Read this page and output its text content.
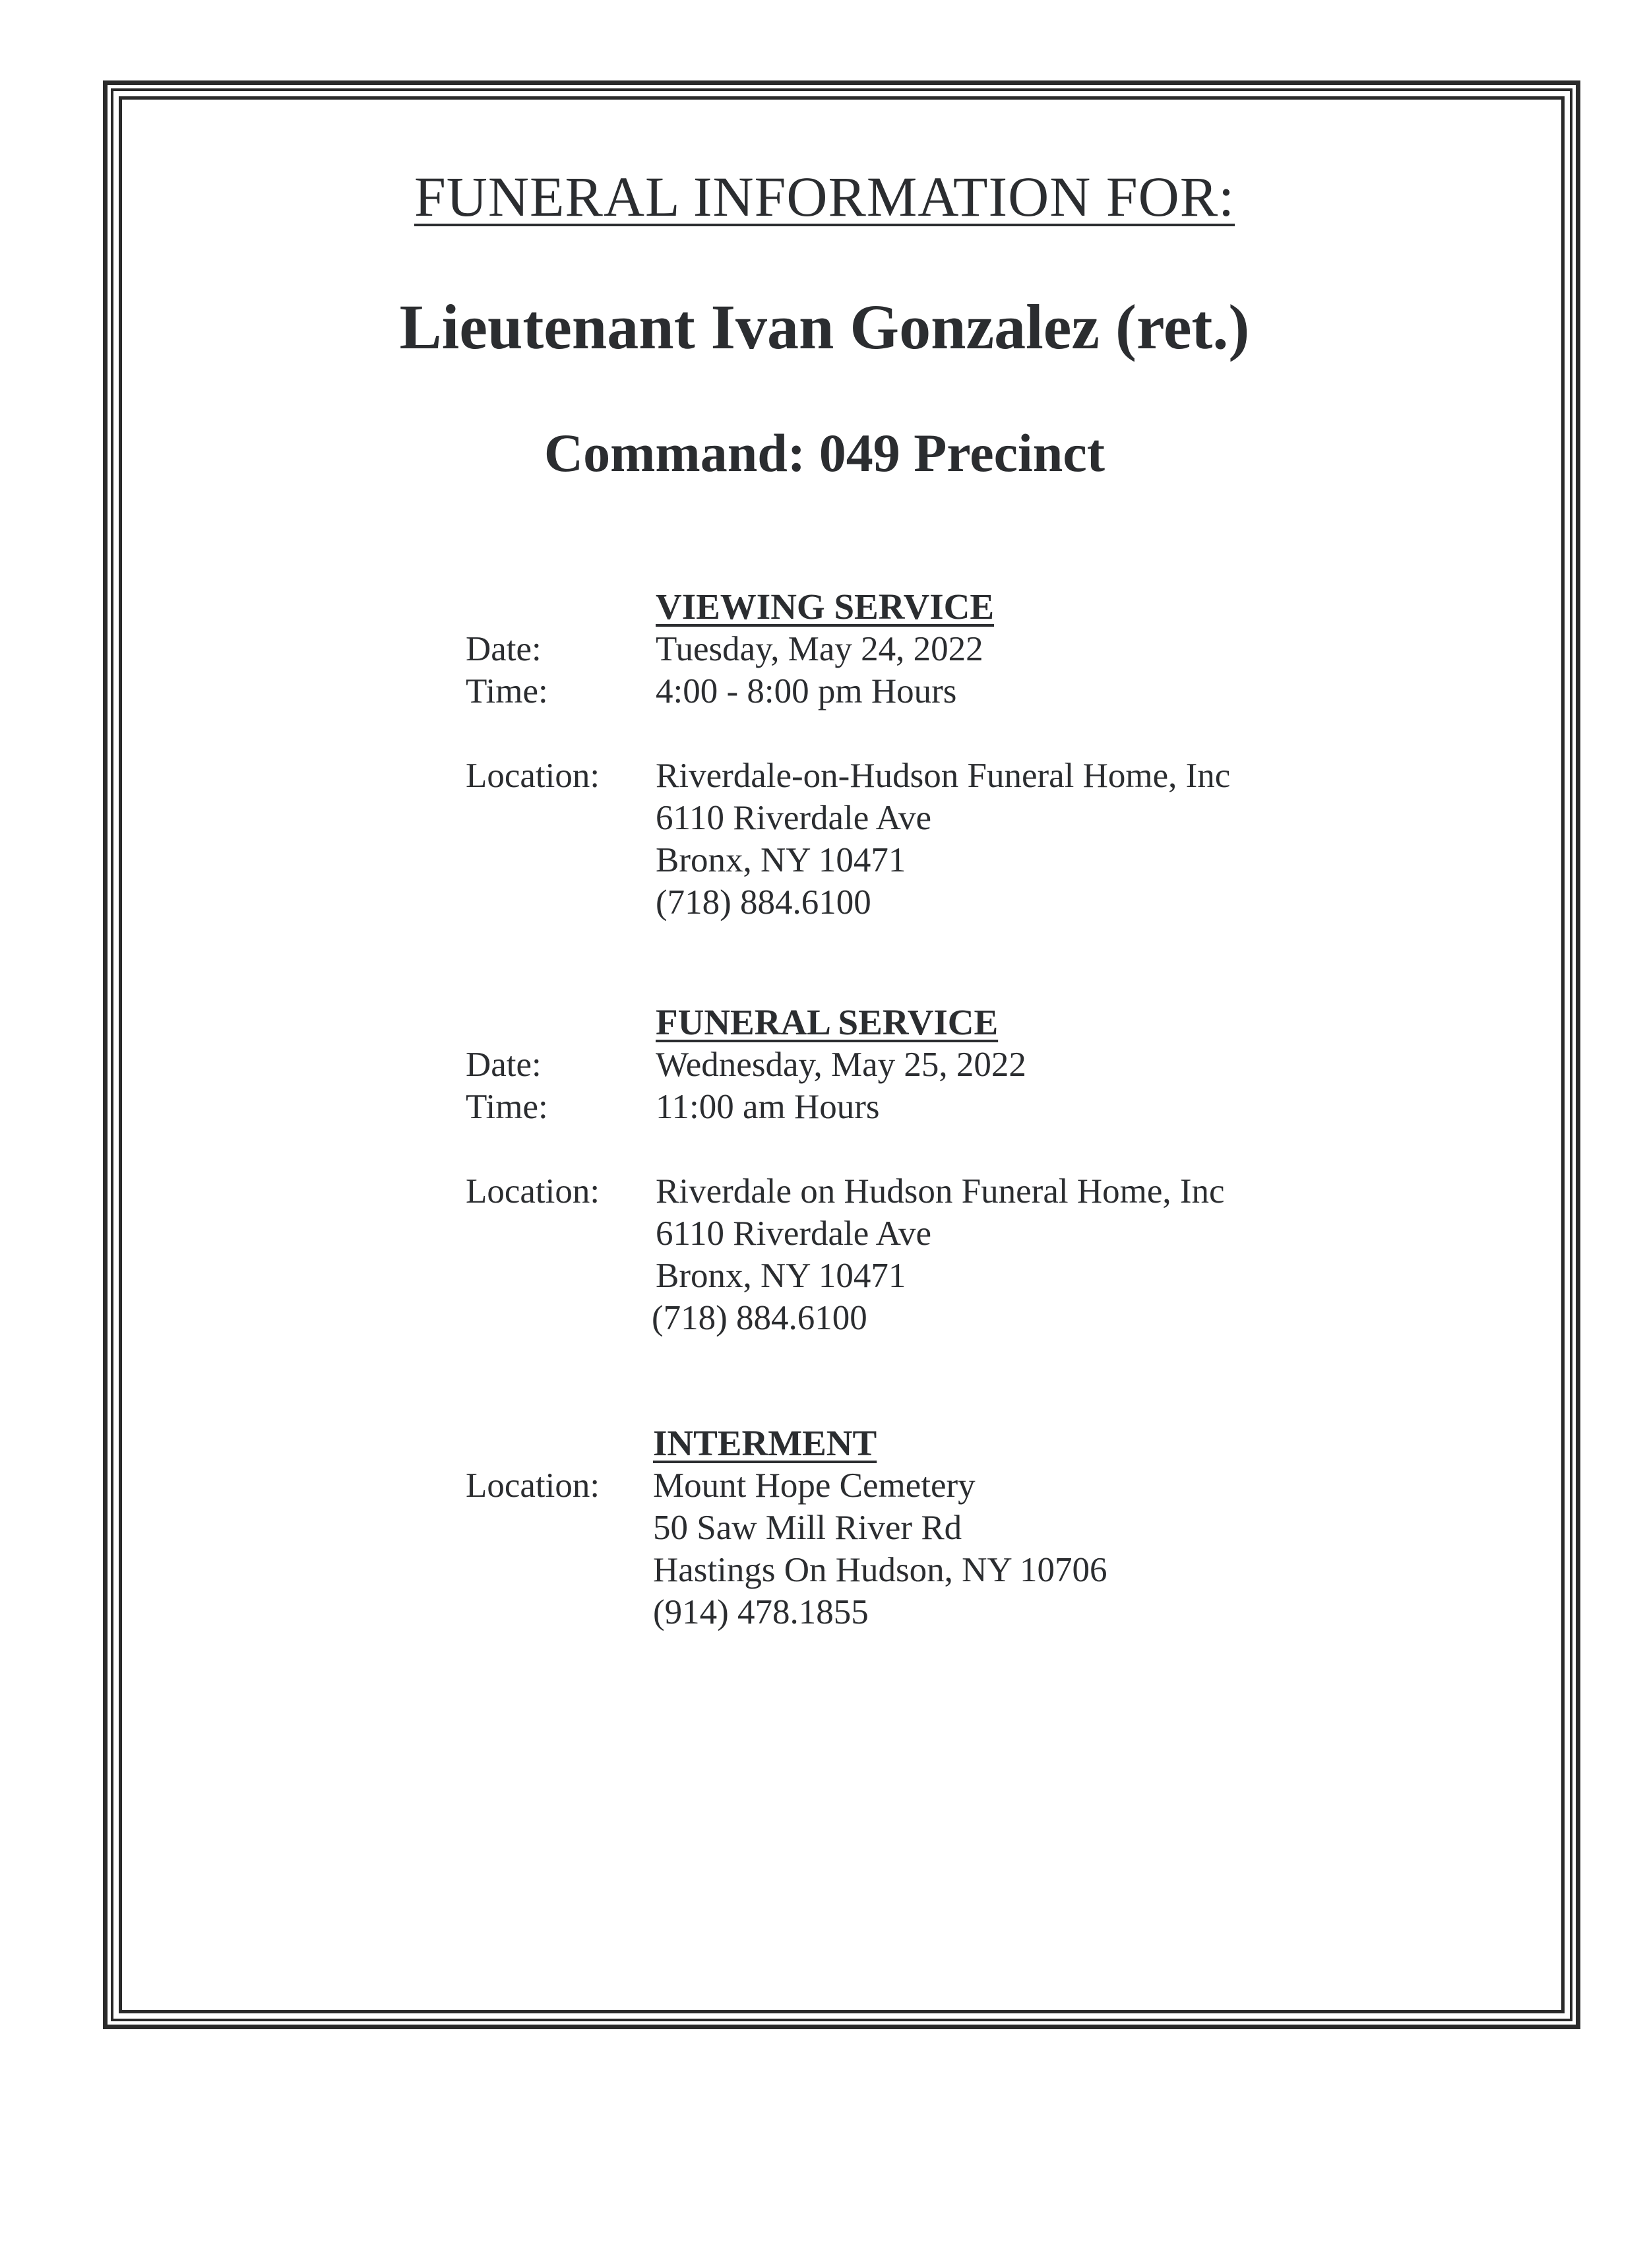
FUNERAL INFORMATION FOR:
Lieutenant Ivan Gonzalez (ret.)
Command: 049 Precinct
VIEWING SERVICE
Date:	Tuesday, May 24, 2022
Time:	4:00 - 8:00 pm Hours
Location: Riverdale-on-Hudson Funeral Home, Inc
6110 Riverdale Ave
Bronx, NY 10471
(718) 884.6100
FUNERAL SERVICE
Date:	Wednesday, May 25, 2022
Time:	11:00 am Hours
Location: Riverdale on Hudson Funeral Home, Inc
6110 Riverdale Ave
Bronx, NY 10471
(718) 884.6100
INTERMENT
Location: Mount Hope Cemetery
50 Saw Mill River Rd
Hastings On Hudson, NY 10706
(914) 478.1855
